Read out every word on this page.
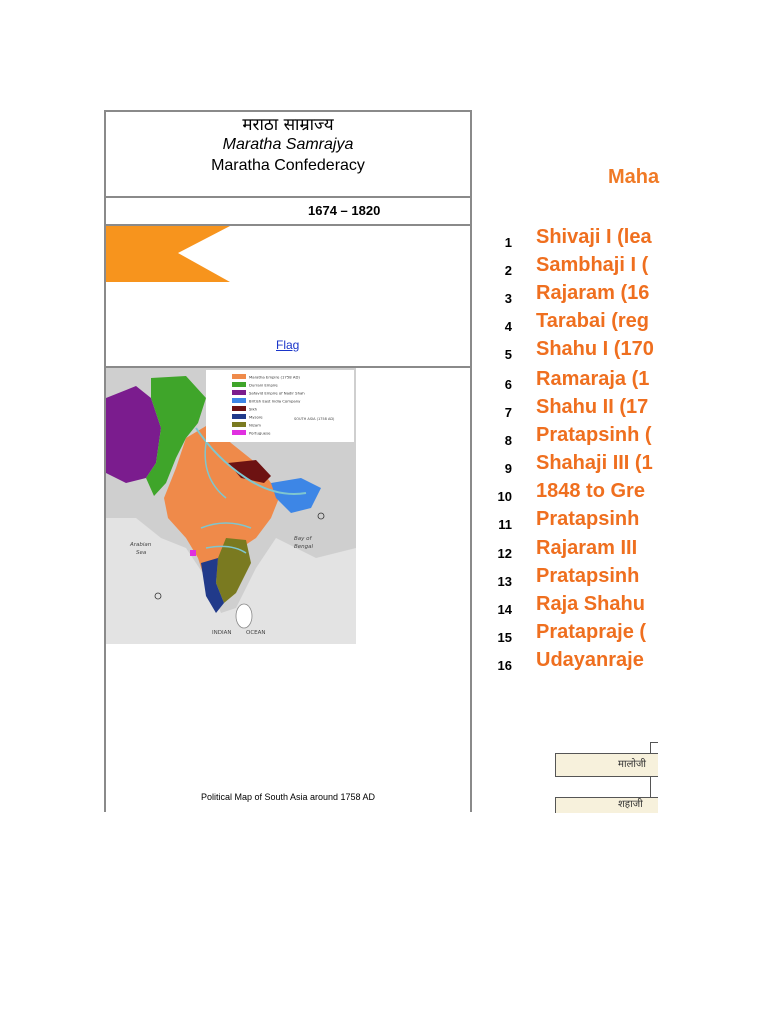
मराठा साम्राज्य
Maratha Samrajya
Maratha Confederacy
1674 – 1820
Flag
Maratha Empire (1758 AD)
Durrani Empire
Safavid Empire of Nadir Shah
British East India Company
Sikh
Mysore
Nizam
Portuguese
SOUTH ASIA (1758 AD)
Arabian
Sea
Bay of
Bengal
INDIAN	OCEAN
Political Map of South Asia around 1758 AD
Maha
1 Shivaji I (lea
2 Sambhaji I (
3 Rajaram (16
4 Tarabai (reg
5 Shahu I (170
6 Ramaraja (1
7 Shahu II (17
8 Pratapsinh (
9 Shahaji III (1
10 1848 to Gre
11 Pratapsinh
12 Rajaram III
13 Pratapsinh
14 Raja Shahu
15 Pratapraje (
16 Udayanraje
मालोजी
शहाजी
